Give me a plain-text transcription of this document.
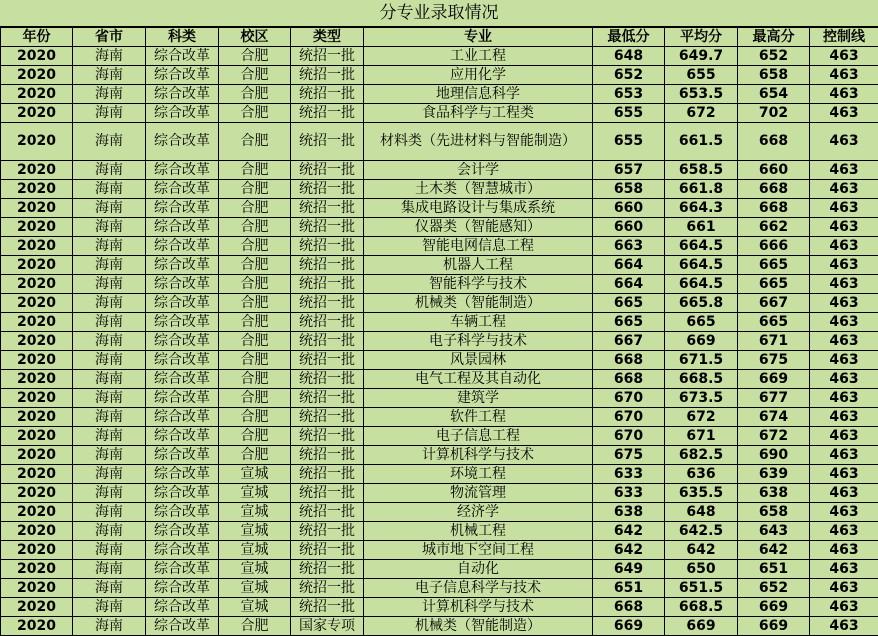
分专业录取情况
年份	省市	科类	校区	类型	专业	最低分	平均分	最高分	控制线
2020	海南	综合改革	合肥	统招一批	工业工程	648	649.7	652	463
2020	海南	综合改革	合肥	统招一批	应用化学	652	655	658	463
2020	海南	综合改革	合肥	统招一批	地理信息科学	653	653.5	654	463
2020	海南	综合改革	合肥	统招一批	食品科学与工程类	655	672	702	463
2020	海南	综合改革	合肥	统招一批	材料类（先进材料与智能制造）	655	661.5	668	463
2020	海南	综合改革	合肥	统招一批	会计学	657	658.5	660	463
2020	海南	综合改革	合肥	统招一批	土木类（智慧城市）	658	661.8	668	463
2020	海南	综合改革	合肥	统招一批	集成电路设计与集成系统	660	664.3	668	463
2020	海南	综合改革	合肥	统招一批	仪器类（智能感知）	660	661	662	463
2020	海南	综合改革	合肥	统招一批	智能电网信息工程	663	664.5	666	463
2020	海南	综合改革	合肥	统招一批	机器人工程	664	664.5	665	463
2020	海南	综合改革	合肥	统招一批	智能科学与技术	664	664.5	665	463
2020	海南	综合改革	合肥	统招一批	机械类（智能制造）	665	665.8	667	463
2020	海南	综合改革	合肥	统招一批	车辆工程	665	665	665	463
2020	海南	综合改革	合肥	统招一批	电子科学与技术	667	669	671	463
2020	海南	综合改革	合肥	统招一批	风景园林	668	671.5	675	463
2020	海南	综合改革	合肥	统招一批	电气工程及其自动化	668	668.5	669	463
2020	海南	综合改革	合肥	统招一批	建筑学	670	673.5	677	463
2020	海南	综合改革	合肥	统招一批	软件工程	670	672	674	463
2020	海南	综合改革	合肥	统招一批	电子信息工程	670	671	672	463
2020	海南	综合改革	合肥	统招一批	计算机科学与技术	675	682.5	690	463
2020	海南	综合改革	宣城	统招一批	环境工程	633	636	639	463
2020	海南	综合改革	宣城	统招一批	物流管理	633	635.5	638	463
2020	海南	综合改革	宣城	统招一批	经济学	638	648	658	463
2020	海南	综合改革	宣城	统招一批	机械工程	642	642.5	643	463
2020	海南	综合改革	宣城	统招一批	城市地下空间工程	642	642	642	463
2020	海南	综合改革	宣城	统招一批	自动化	649	650	651	463
2020	海南	综合改革	宣城	统招一批	电子信息科学与技术	651	651.5	652	463
2020	海南	综合改革	宣城	统招一批	计算机科学与技术	668	668.5	669	463
2020	海南	综合改革	合肥	国家专项	机械类（智能制造）	669	669	669	463
